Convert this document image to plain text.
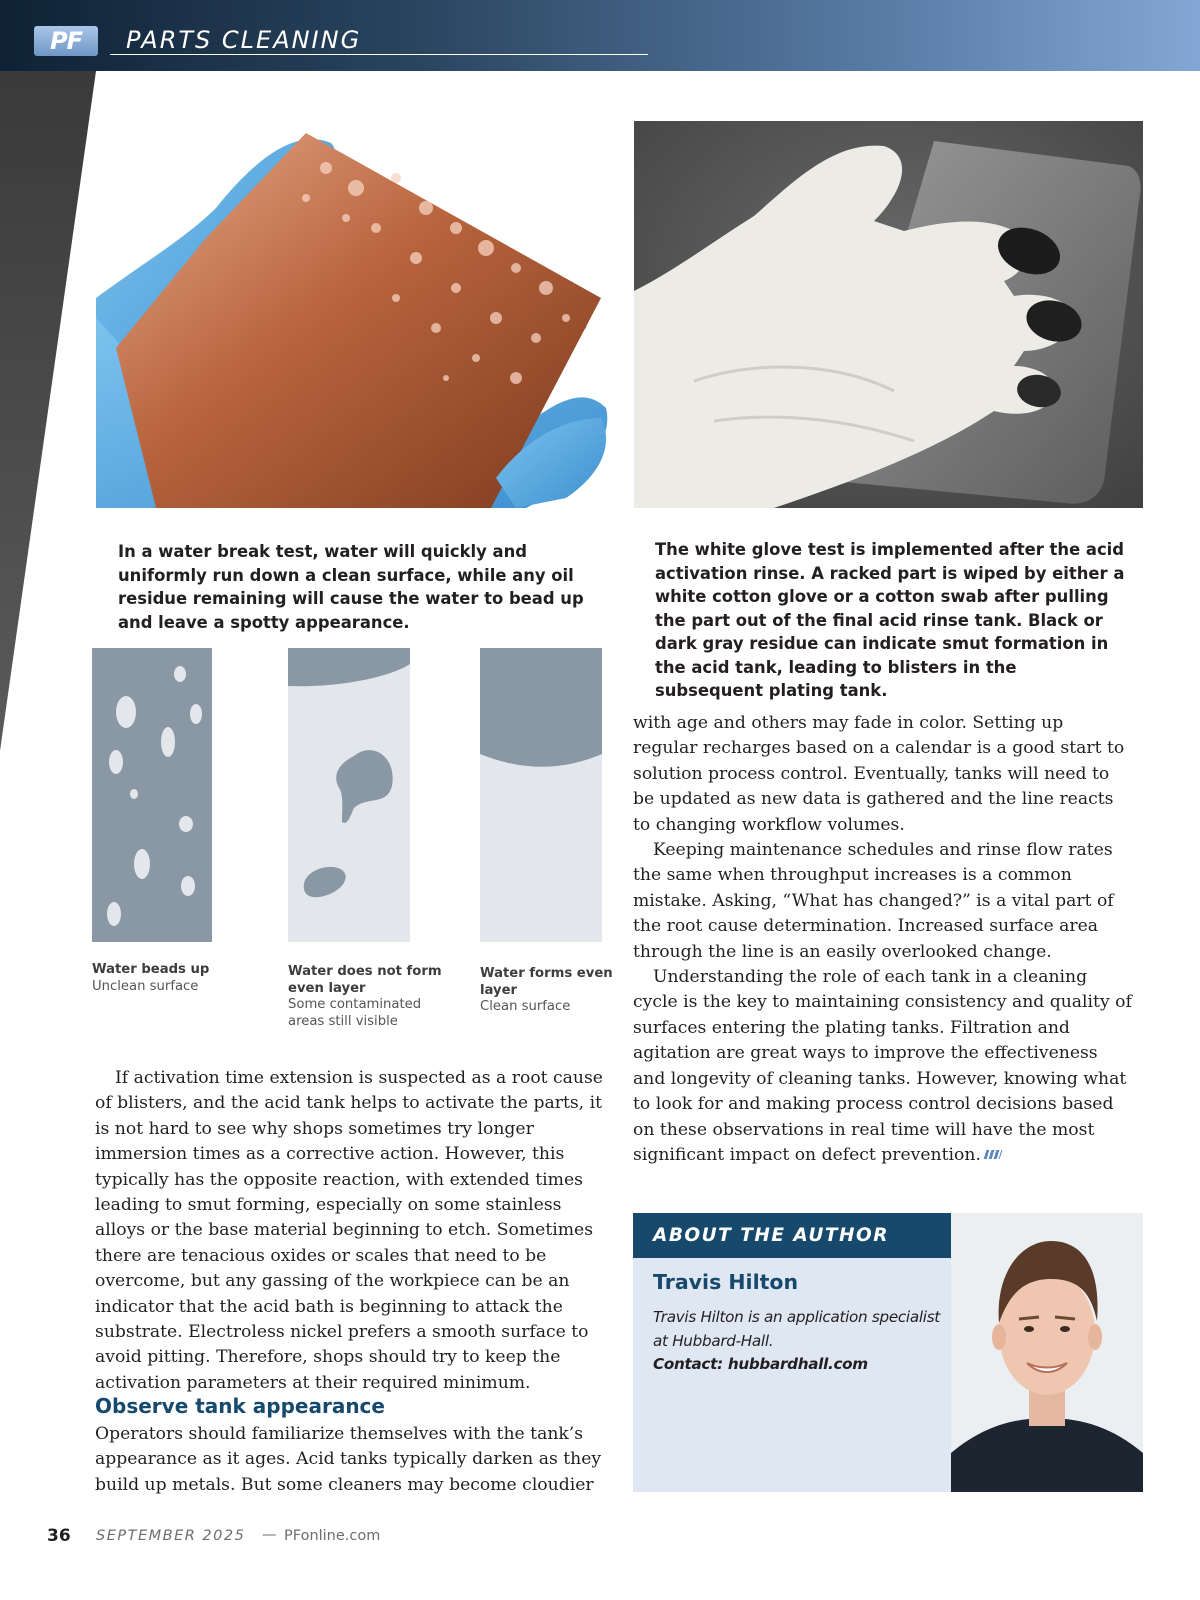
PF	PARTS CLEANING
In a water break test, water will quickly and uniformly run down a clean surface, while any oil residue remaining will cause the water to bead up and leave a spotty appearance.
The white glove test is implemented after the acid activation rinse. A racked part is wiped by either a white cotton glove or a cotton swab after pulling the part out of the final acid rinse tank. Black or dark gray residue can indicate smut formation in the acid tank, leading to blisters in the subsequent plating tank.
Water beads up
Unclean surface
Water does not form even layer
Some contaminated areas still visible
Water forms even layer
Clean surface

If activation time extension is suspected as a root cause of blisters, and the acid tank helps to activate the parts, it is not hard to see why shops sometimes try longer immersion times as a corrective action. However, this typically has the opposite reaction, with extended times leading to smut forming, especially on some stainless alloys or the base material beginning to etch. Sometimes there are tenacious oxides or scales that need to be overcome, but any gassing of the workpiece can be an indicator that the acid bath is beginning to attack the substrate. Electroless nickel prefers a smooth surface to avoid pitting. Therefore, shops should try to keep the activation parameters at their required minimum.

Observe tank appearance

Operators should familiarize themselves with the tank’s appearance as it ages. Acid tanks typically darken as they build up metals. But some cleaners may become cloudier

with age and others may fade in color. Setting up regular recharges based on a calendar is a good start to solution process control. Eventually, tanks will need to be updated as new data is gathered and the line reacts to changing workflow volumes.

Keeping maintenance schedules and rinse flow rates the same when throughput increases is a common mistake. Asking, “What has changed?” is a vital part of the root cause determination. Increased surface area through the line is an easily overlooked change.

Understanding the role of each tank in a cleaning cycle is the key to maintaining consistency and quality of surfaces entering the plating tanks. Filtration and agitation are great ways to improve the effectiveness and longevity of cleaning tanks. However, knowing what to look for and making process control decisions based on these observations in real time will have the most significant impact on defect prevention.

ABOUT THE AUTHOR
Travis Hilton
Travis Hilton is an application specialist at Hubbard-Hall.
Contact: hubbardhall.com
36 SEPTEMBER 2025 — PFonline.com
